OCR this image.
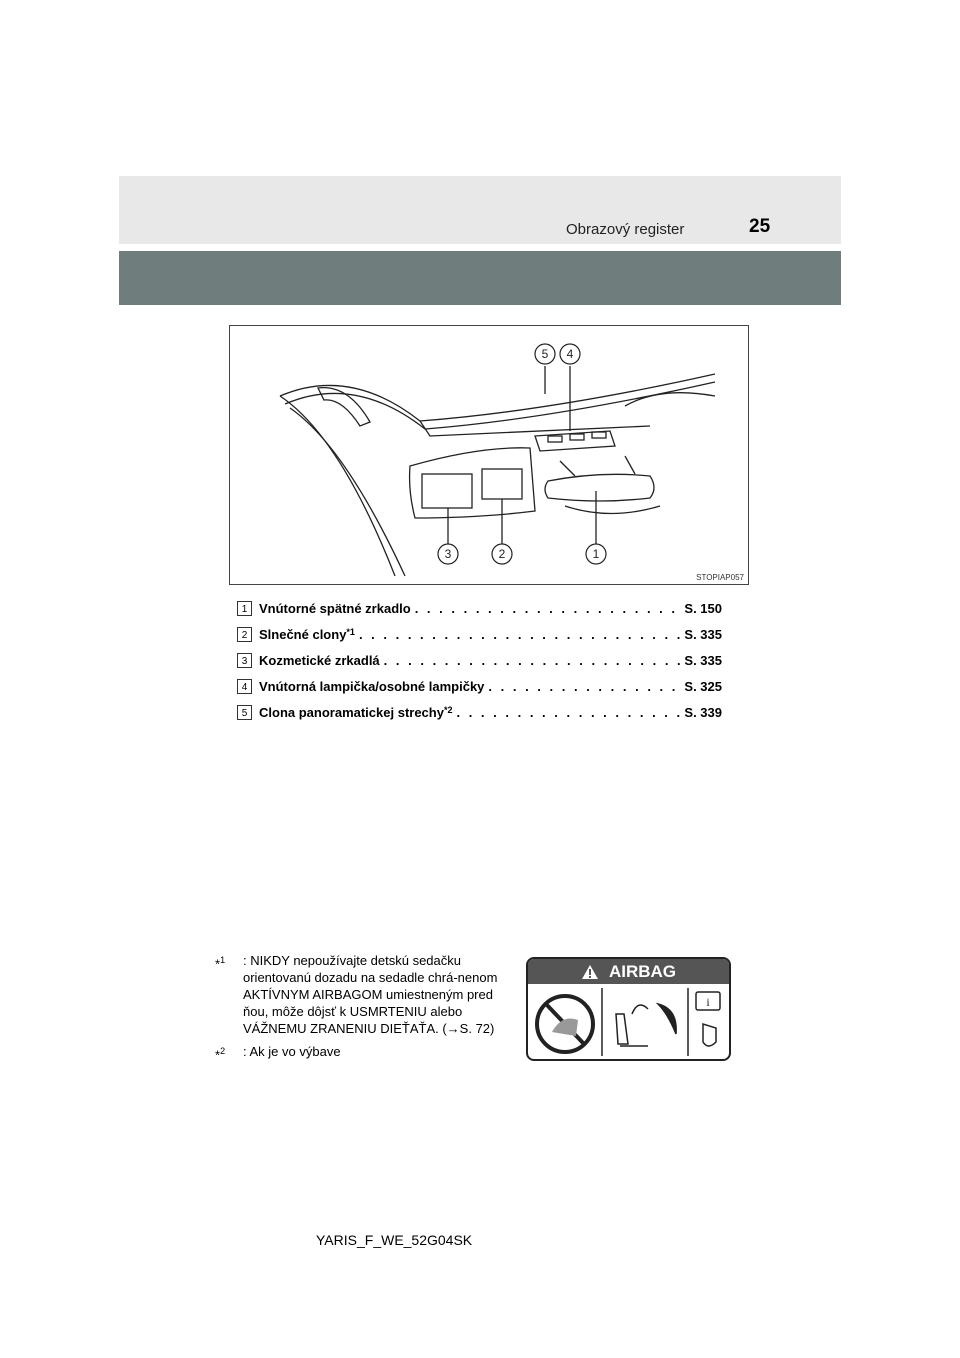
Obrazový register	25
5 4
3	2	1
STOPIAP057
1 Vnútorné spätné zrkadlo . . .	S. 150
2 Slnečné clony *1 . . .	S. 335
3 Kozmetické zrkadlá . . .	S. 335
4 Vnútorná lampička/osobné lampičky . . .	S. 325
5 Clona panoramatickej strechy *2 . . .	S. 339
*$^1$ : NIKDY nepoužívajte detskú sedačku orientovanú dozadu na sedadle chrá-nenom AKTÍVNYM AIRBAGOM umiestneným pred ňou, môže dôjsť k USMRTENIU alebo VÁŽNEMU ZRANENIU DIEŤAŤA. (→S. 72)
*$^2$ : Ak je vo výbave
AIRBAG
i
YARIS_F_WE_52G04SK
